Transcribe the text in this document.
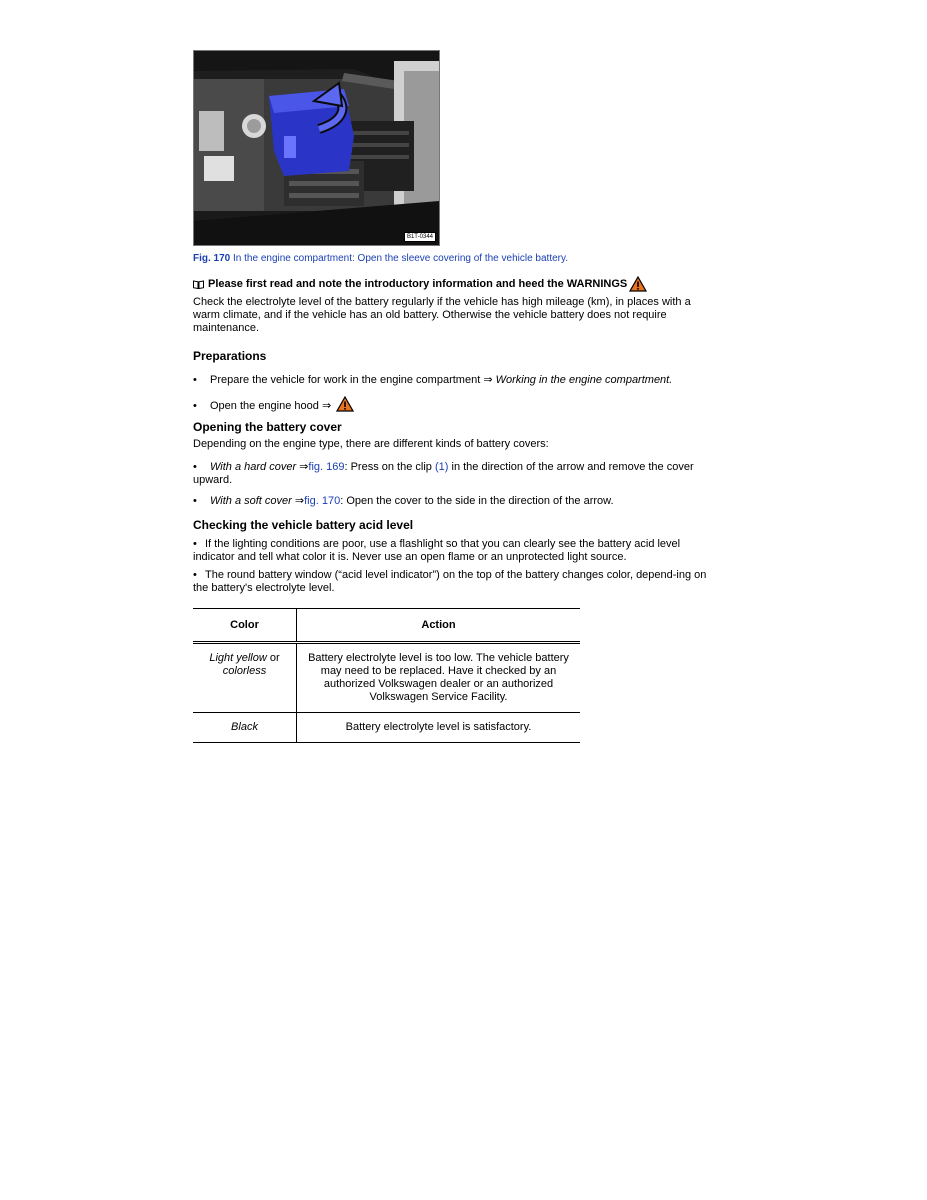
B1T-0344
Fig. 170 In the engine compartment: Open the sleeve covering of the vehicle battery.
Please first read and note the introductory information and heed the WARNINGS

Check the electrolyte level of the battery regularly if the vehicle has high mileage (km), in places with a warm climate, and if the vehicle has an old battery. Otherwise the vehicle battery does not require maintenance.

Preparations
• Prepare the vehicle for work in the engine compartment ⇒ Working in the engine compartment.
• Open the engine hood ⇒
Opening the battery cover

Depending on the engine type, there are different kinds of battery covers:

• With a hard cover ⇒fig. 169: Press on the clip (1) in the direction of the arrow and remove the cover upward.
• With a soft cover ⇒fig. 170: Open the cover to the side in the direction of the arrow.
Checking the vehicle battery acid level
• If the lighting conditions are poor, use a flashlight so that you can clearly see the battery acid level indicator and tell what color it is. Never use an open flame or an unprotected light source.
• The round battery window (“acid level indicator”) on the top of the battery changes color, depend-ing on the battery's electrolyte level.
Color	Action
Light yellow or
colorless	Battery electrolyte level is too low. The vehicle battery may need to be replaced. Have it checked by an authorized Volkswagen dealer or an authorized Volkswagen Service Facility.
Black	Battery electrolyte level is satisfactory.
